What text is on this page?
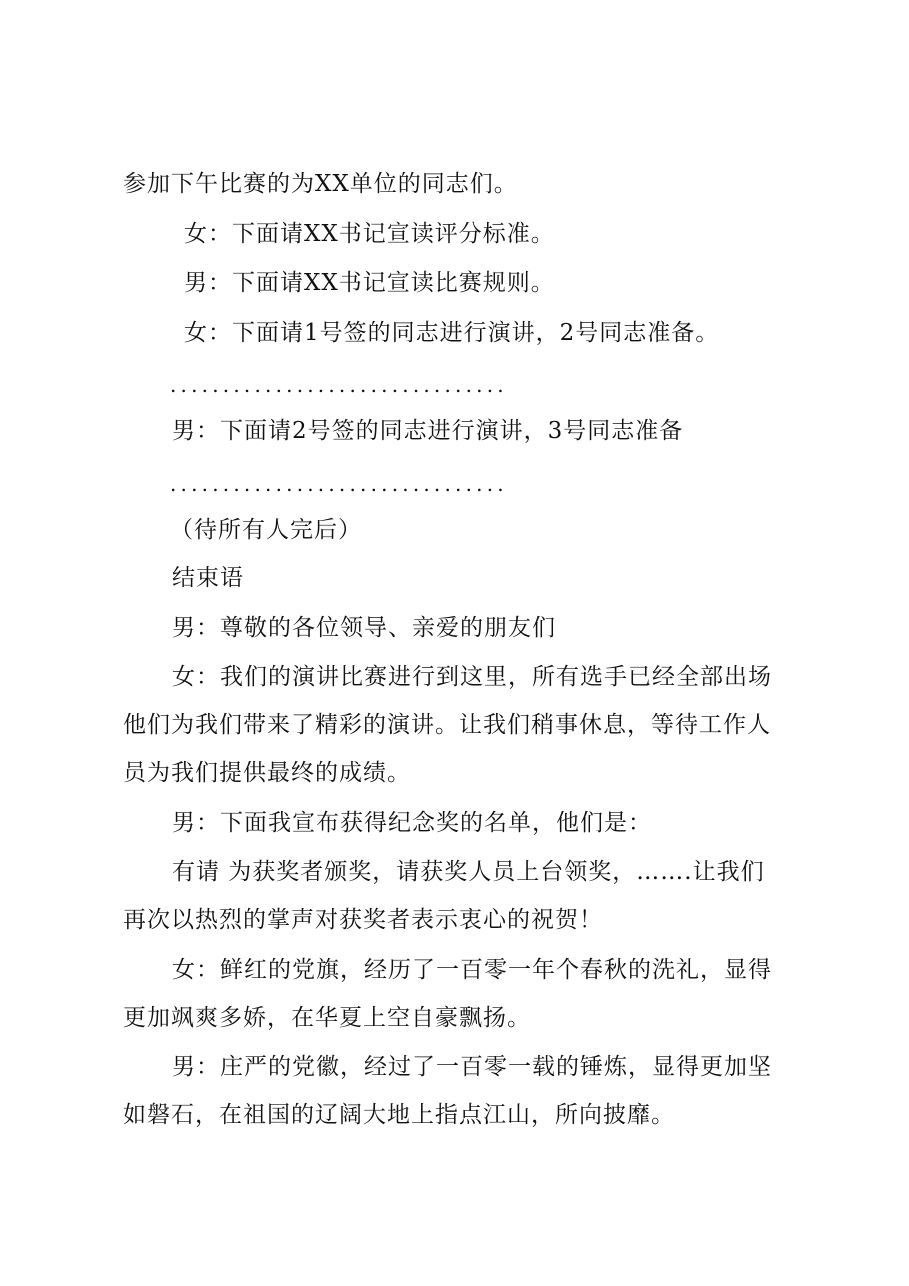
参加下午比赛的为XX单位的同志们。
女：下面请XX书记宣读评分标准。
男：下面请XX书记宣读比赛规则。
女：下面请1号签的同志进行演讲，2号同志准备。
................................
男：下面请2号签的同志进行演讲，3号同志准备
................................
（待所有人完后）
结束语
男：尊敬的各位领导、亲爱的朋友们
女：我们的演讲比赛进行到这里，所有选手已经全部出场
他们为我们带来了精彩的演讲。让我们稍事休息，等待工作人
员为我们提供最终的成绩。
男：下面我宣布获得纪念奖的名单，他们是：
有请 为获奖者颁奖，请获奖人员上台领奖，…….让我们
再次以热烈的掌声对获奖者表示衷心的祝贺！
女：鲜红的党旗，经历了一百零一年个春秋的洗礼，显得
更加飒爽多娇，在华夏上空自豪飘扬。
男：庄严的党徽，经过了一百零一载的锤炼，显得更加坚
如磐石，在祖国的辽阔大地上指点江山，所向披靡。
